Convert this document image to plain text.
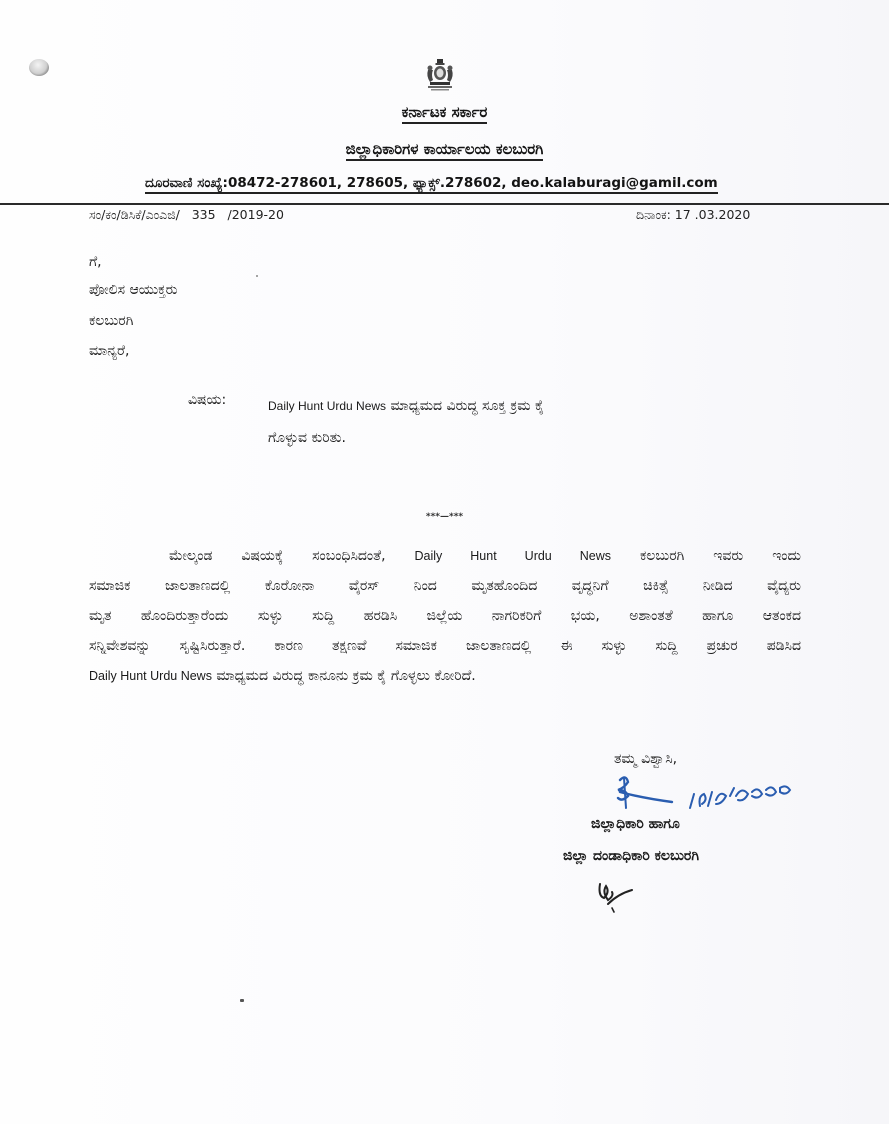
ಕರ್ನಾಟಕ ಸರ್ಕಾರ
ಜಿಲ್ಲಾಧಿಕಾರಿಗಳ ಕಾರ್ಯಾಲಯ ಕಲಬುರಗಿ
ದೂರವಾಣಿ ಸಂಖ್ಯೆ:08472-278601, 278605, ಫ್ಯಾಕ್ಸ್.278602, deo.kalaburagi@gamil.com
ಸಂ/ಕಂ/ಡಿಸಿಕೆ/ಎಂಎಜಿ/   335   /2019-20	ದಿನಾಂಕ: 17 .03.2020
ಗೆ,
ಪೋಲಿಸ ಆಯುಕ್ತರು
ಕಲಬುರಗಿ
ಮಾನ್ಯರೆ,
ವಿಷಯ:	Daily Hunt Urdu News ಮಾಧ್ಯಮದ ವಿರುದ್ಧ ಸೂಕ್ತ ಕ್ರಮ ಕೈ
ಗೊಳ್ಳುವ ಕುರಿತು.
***—***
ಮೇಲ್ಕಂಡ ವಿಷಯಕ್ಕೆ ಸಂಬಂಧಿಸಿದಂತೆ, Daily Hunt Urdu News ಕಲಬುರಗಿ ಇವರು ಇಂದು
ಸಮಾಜಿಕ ಜಾಲತಾಣದಲ್ಲಿ ಕೊರೋನಾ ವೈರಸ್ ನಿಂದ ಮೃತಹೊಂದಿದ ವೃದ್ಧನಿಗೆ ಚಿಕಿತ್ಸೆ ನೀಡಿದ ವೈದ್ಯರು
ಮೃತ ಹೊಂದಿರುತ್ತಾರೆಂದು ಸುಳ್ಳು ಸುದ್ದಿ ಹರಡಿಸಿ ಜಿಲ್ಲೆಯ ನಾಗರಿಕರಿಗೆ ಭಯ, ಅಶಾಂತತೆ ಹಾಗೂ ಆತಂಕದ
ಸನ್ನಿವೇಶವನ್ನು ಸೃಷ್ಟಿಸಿರುತ್ತಾರೆ. ಕಾರಣ ತಕ್ಷಣವೆ ಸಮಾಜಿಕ ಜಾಲತಾಣದಲ್ಲಿ ಈ ಸುಳ್ಳು ಸುದ್ದಿ ಪ್ರಚುರ ಪಡಿಸಿದ
Daily Hunt Urdu News ಮಾಧ್ಯಮದ ವಿರುದ್ಧ ಕಾನೂನು ಕ್ರಮ ಕೈ ಗೊಳ್ಳಲು ಕೋರಿದೆ.
ತಮ್ಮ ವಿಶ್ವಾಸಿ,
ಜಿಲ್ಲಾಧಿಕಾರಿ ಹಾಗೂ
ಜಿಲ್ಲಾ ದಂಡಾಧಿಕಾರಿ ಕಲಬುರಗಿ
